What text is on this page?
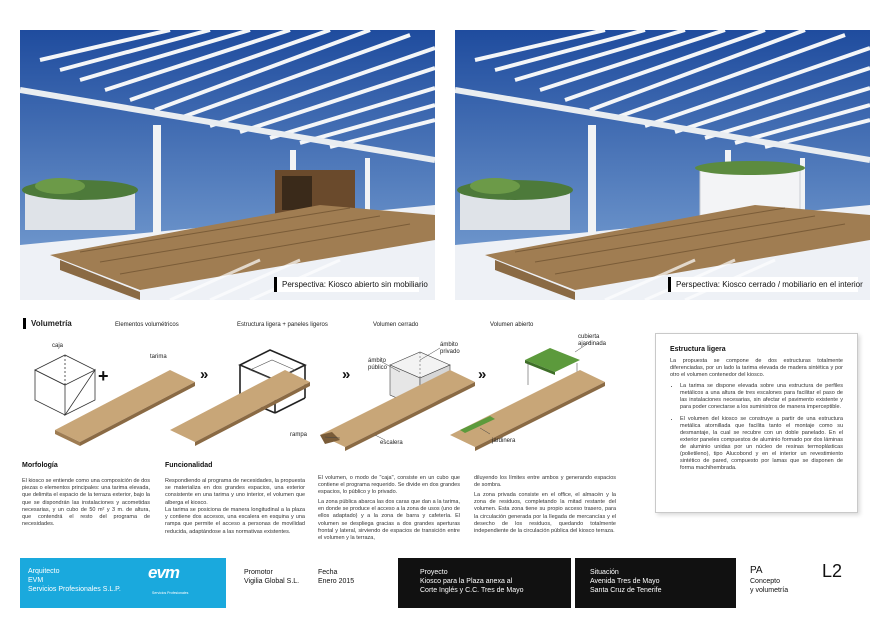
Perspectiva: Kiosco abierto sin mobiliario	Perspectiva: Kiosco cerrado / mobiliario en el interior
Volumetría	Elementos volumétricos	Estructura ligera + paneles ligeros	Volumen cerrado	Volumen abierto
caja
tarima
+	»	»	»
ámbito
privado
ámbito
público
rampa
escalera
cubierta
ajardinada
jardinera
Morfología
El kiosco se entiende como una composición de dos piezas o elementos principales: una tarima elevada, que delimita el espacio de la terraza exterior, bajo la que se dispondrán las instalaciones y acometidas necesarias, y un cubo de 50 m² y 3 m. de altura, que contendrá el resto del programa de necesidades.
Funcionalidad
Respondiendo al programa de necesidades, la propuesta se materializa en dos grandes espacios, una exterior consistente en una tarima y uno interior, el volumen que alberga el kiosco.
La tarima se posiciona de manera longitudinal a la plaza y contiene dos accesos, una escalera en esquina y una rampa que permite el acceso a personas de movilidad reducida, adaptándose a las normativas existentes.
El volumen, o modo de "caja", consiste en un cubo que contiene el programa requerido. Se divide en dos grandes espacios, lo público y lo privado.
La zona pública abarca las dos caras que dan a la tarima, en donde se produce el acceso a la zona de usos (uno de ellos adaptado) y a la zona de barra y cafetería. El volumen se despliega gracias a dos grandes aperturas frontal y lateral, sirviendo de espacios de transición entre el volumen y la terraza,
diluyendo los límites entre ambos y generando espacios de sombra.
La zona privada consiste en el office, el almacén y la zona de residuos, completando la mitad restante del volumen. Esta zona tiene su propio acceso trasero, para la circulación generada por la llegada de mercancías y el desecho de los residuos, quedando totalmente independiente de la circulación pública del kiosco terraza.
Estructura ligera

La propuesta se compone de dos estructuras totalmente diferenciadas, por un lado la tarima elevada de madera sintética y por otro el volumen contenedor del kiosco.

• La tarima se dispone elevada sobre una estructura de perfiles metálicos a una altura de tres escalones para facilitar el paso de las instalaciones necesarias, sin afectar el pavimento existente y para poder conectarse a los suministros de manera imperceptible.
• El volumen del kiosco se construye a partir de una estructura metálica atornillada que facilita tanto el montaje como su desmantaje, la cual se recubre con un doble panelado. En el exterior paneles compuestos de aluminio formado por dos láminas de aluminio unidas por un núcleo de resinas termoplásticas (polietileno), tipo Alucobond y en el interior un revestimiento sintético de pared, compuesto por lamas que se disponen de forma machihembrada.
Arquitecto
EVM
Servicios Profesionales S.L.P.
evm
Servicios Profesionales
Promotor
Vigilia Global S.L.
Fecha
Enero 2015
Proyecto
Kiosco para la Plaza anexa al
Corte Inglés y C.C. Tres de Mayo
Situación
Avenida Tres de Mayo
Santa Cruz de Tenerife
PA
Concepto
y volumetría
L2
